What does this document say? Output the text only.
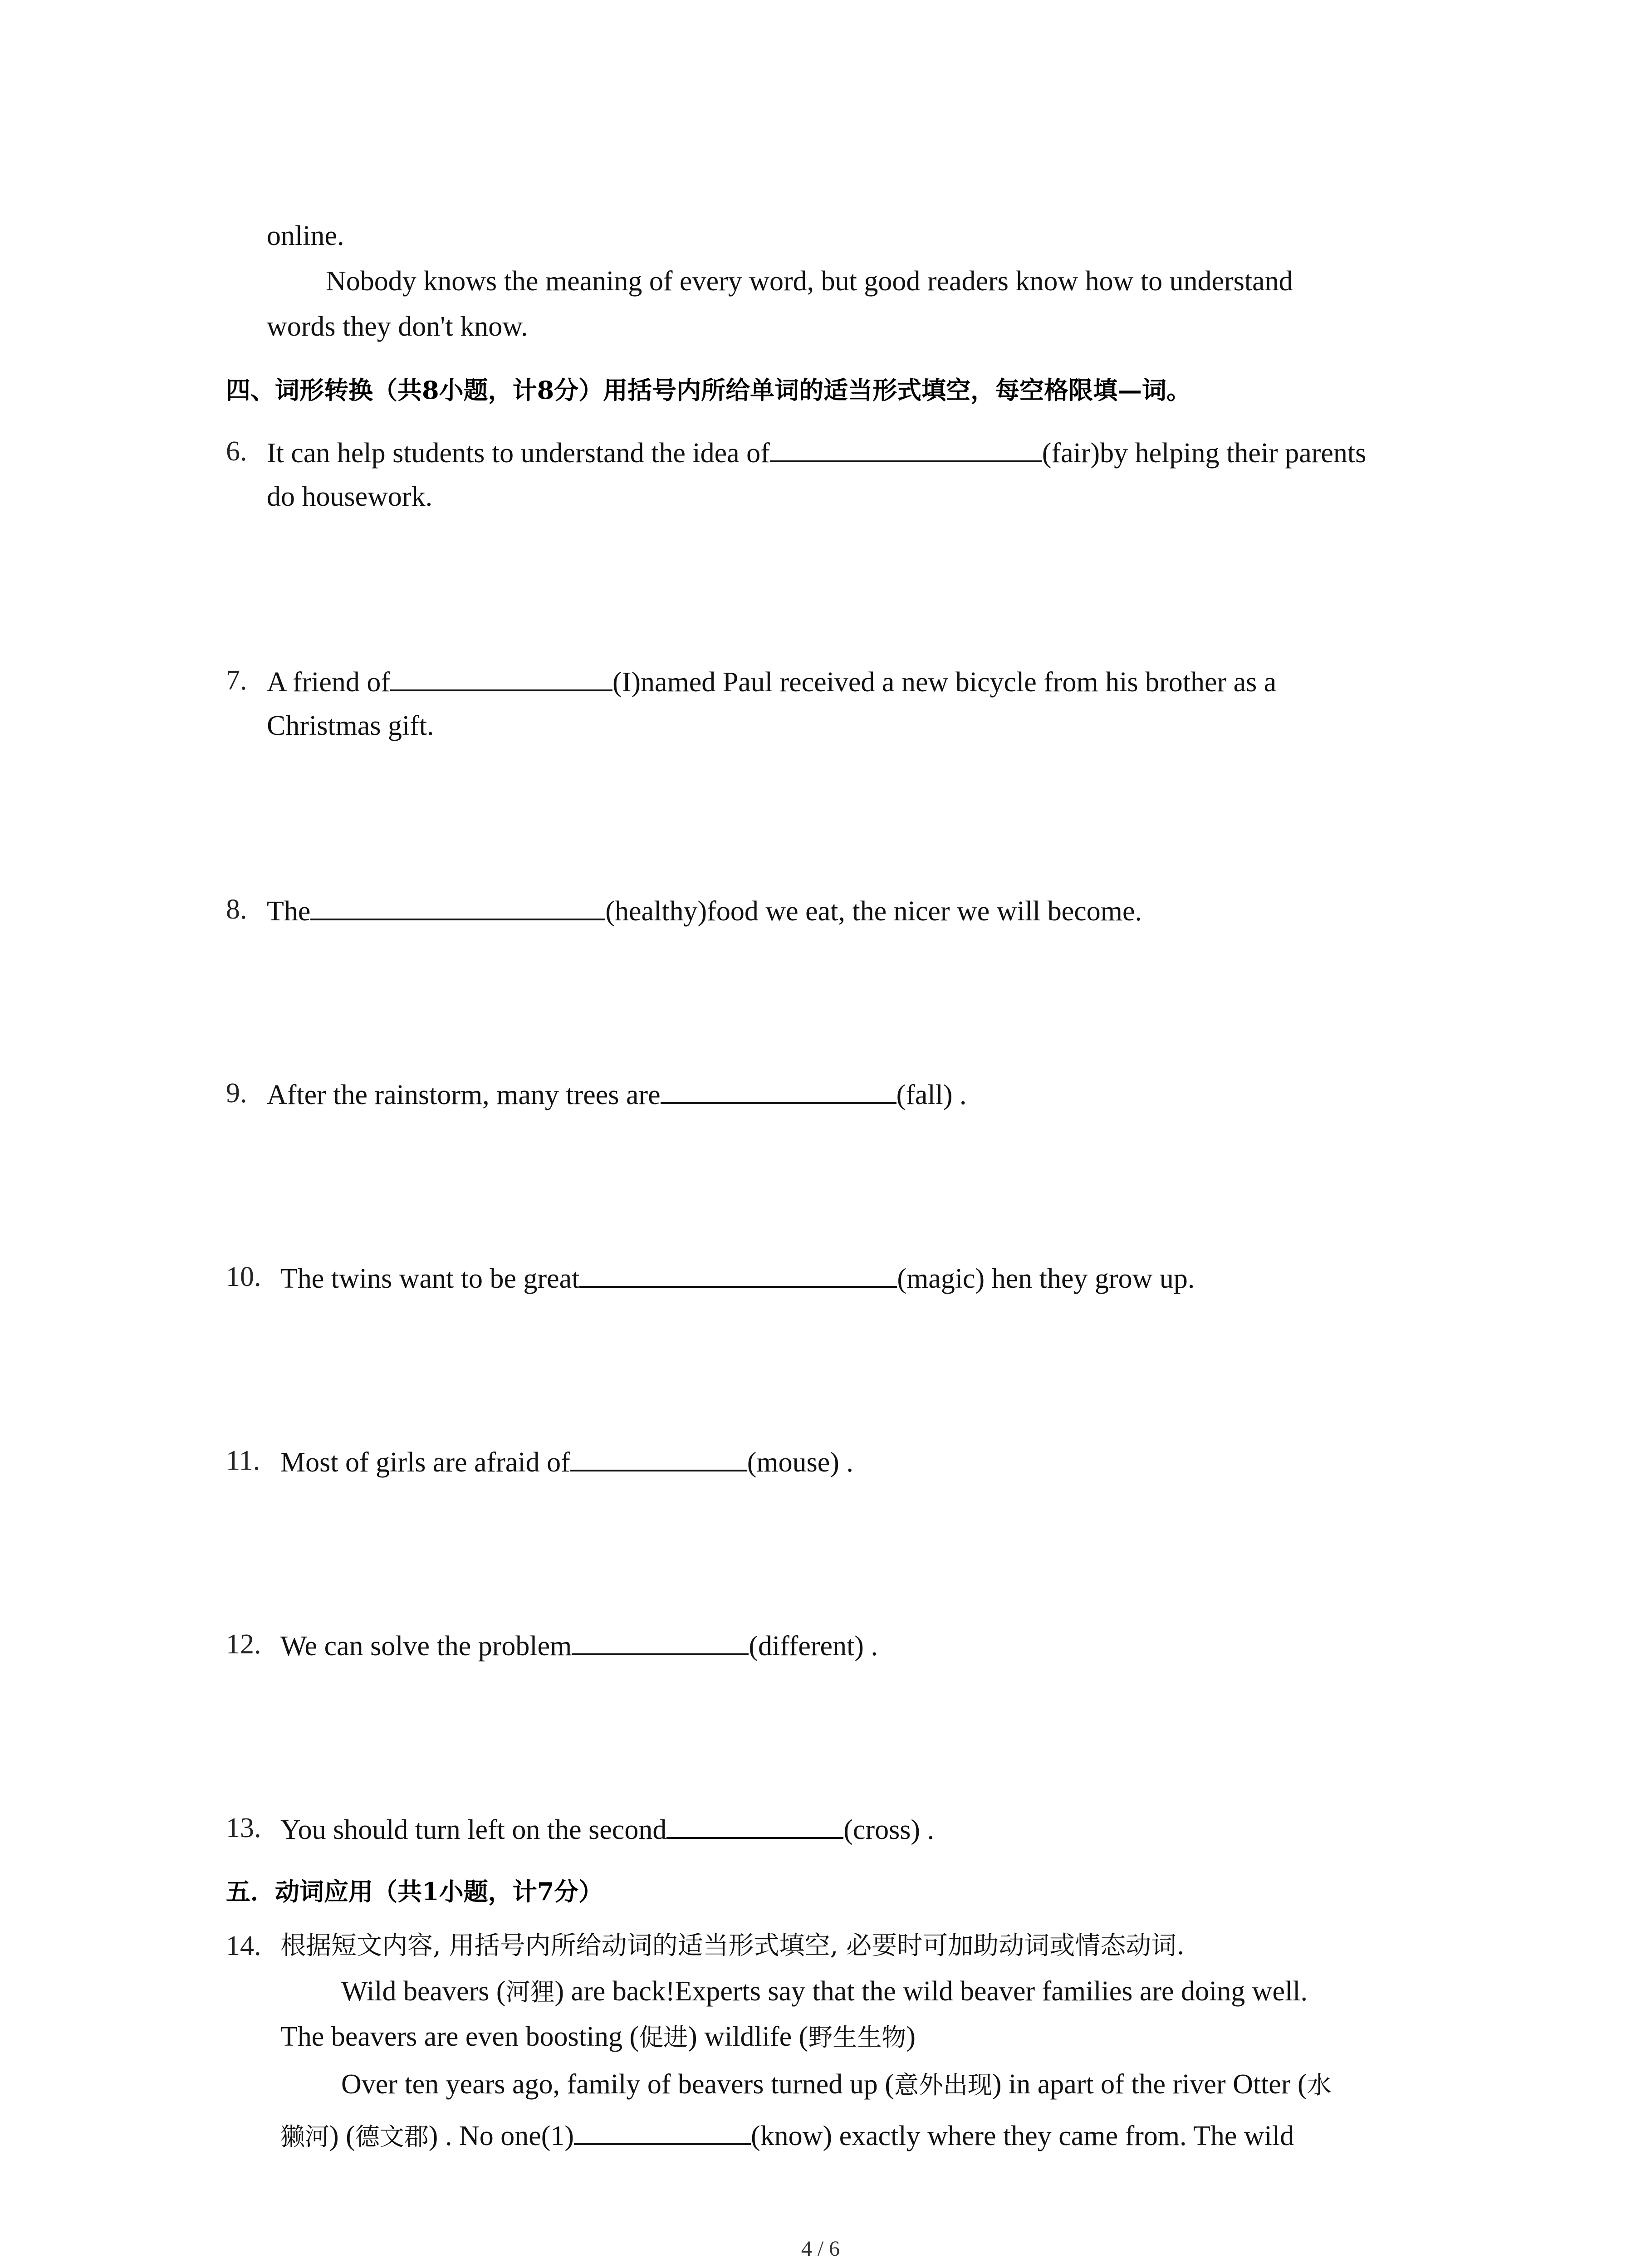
online.
Nobody knows the meaning of every word, but good readers know how to understand
words they don't know.
四、词形转换（共8小题，计8分）用括号内所给单词的适当形式填空，每空格限填—词。
6. It can help students to understand the idea of	(fair)by helping their parents
do housework.
7. A friend of	(I)named Paul received a new bicycle from his brother as a
Christmas gift.
8. The	(healthy)food we eat, the nicer we will become.
9. After the rainstorm, many trees are	(fall) .
10. The twins want to be great	(magic) hen they grow up.
11. Most of girls are afraid of	(mouse) .
12. We can solve the problem	(different) .
13. You should turn left on the second	(cross) .
五．动词应用（共1小题，计7分）
14. 根据短文内容, 用括号内所给动词的适当形式填空, 必要时可加助动词或情态动词.
Wild beavers (河狸) are back!Experts say that the wild beaver families are doing well.
The beavers are even boosting (促进) wildlife (野生生物)
Over ten years ago, family of beavers turned up (意外出现) in apart of the river Otter (水
獭河) (德文郡) . No one(1)	(know) exactly where they came from. The wild
4 / 6
